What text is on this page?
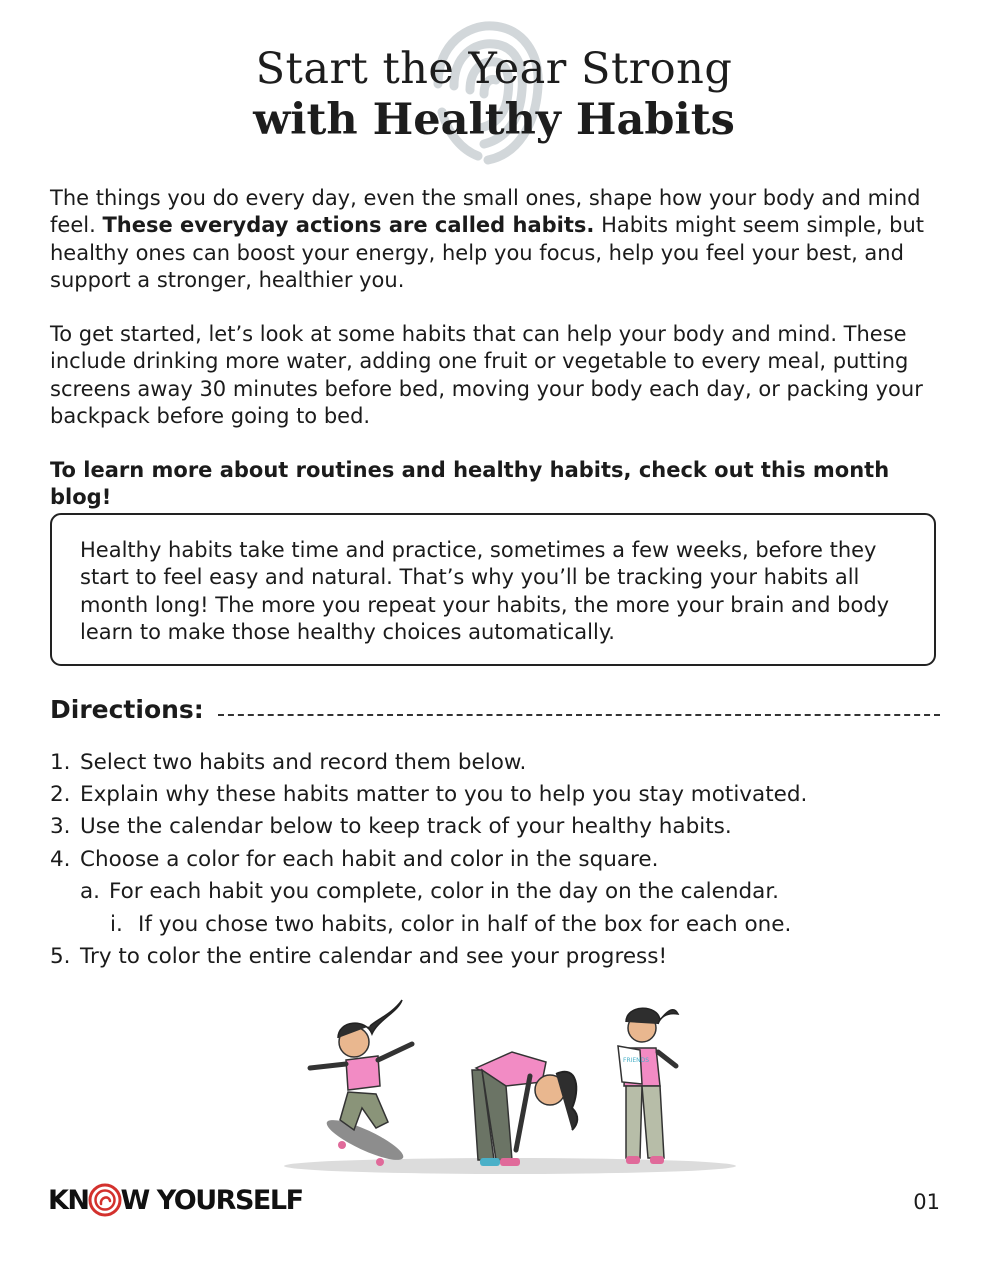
Start the Year Strong
with Healthy Habits

The things you do every day, even the small ones, shape how your body and mind feel. These everyday actions are called habits. Habits might seem simple, but healthy ones can boost your energy, help you focus, help you feel your best, and support a stronger, healthier you.

To get started, let’s look at some habits that can help your body and mind. These include drinking more water, adding one fruit or vegetable to every meal, putting screens away 30 minutes before bed, moving your body each day, or packing your backpack before going to bed.

To learn more about routines and healthy habits, check out this month blog!

Healthy habits take time and practice, sometimes a few weeks, before they start to feel easy and natural. That’s why you’ll be tracking your habits all month long! The more you repeat your habits, the more your brain and body learn to make those healthy choices automatically.

Directions:
1. Select two habits and record them below.
2. Explain why these habits matter to you to help you stay motivated.
3. Use the calendar below to keep track of your healthy habits.
4. Choose a color for each habit and color in the square.
a. For each habit you complete, color in the day on the calendar.
i. If you chose two habits, color in half of the box for each one.
5. Try to color the entire calendar and see your progress!
FRIENDS
KN W YOURSELF	01
